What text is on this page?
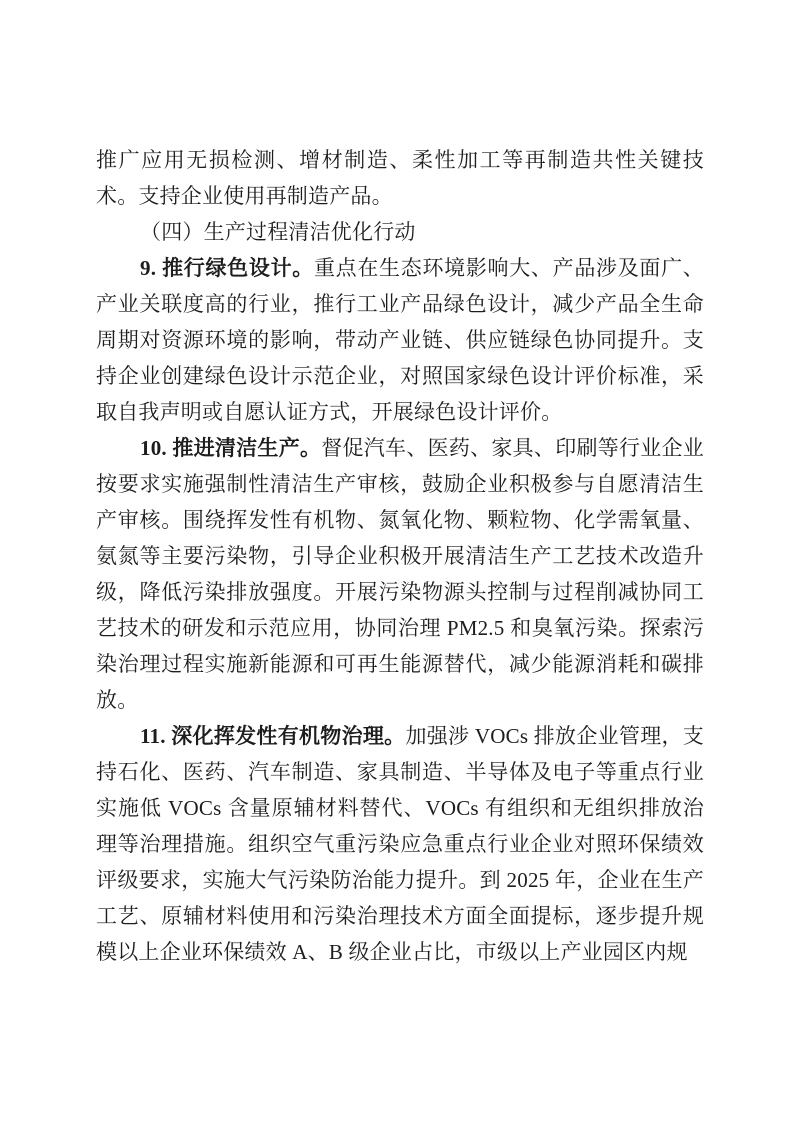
推广应用无损检测、增材制造、柔性加工等再制造共性关键技术。支持企业使用再制造产品。

（四）生产过程清洁优化行动

9. 推行绿色设计。重点在生态环境影响大、产品涉及面广、产业关联度高的行业，推行工业产品绿色设计，减少产品全生命周期对资源环境的影响，带动产业链、供应链绿色协同提升。支持企业创建绿色设计示范企业，对照国家绿色设计评价标准，采取自我声明或自愿认证方式，开展绿色设计评价。

10. 推进清洁生产。督促汽车、医药、家具、印刷等行业企业按要求实施强制性清洁生产审核，鼓励企业积极参与自愿清洁生产审核。围绕挥发性有机物、氮氧化物、颗粒物、化学需氧量、氨氮等主要污染物，引导企业积极开展清洁生产工艺技术改造升级，降低污染排放强度。开展污染物源头控制与过程削减协同工艺技术的研发和示范应用，协同治理 PM2.5 和臭氧污染。探索污染治理过程实施新能源和可再生能源替代，减少能源消耗和碳排放。

11. 深化挥发性有机物治理。加强涉 VOCs 排放企业管理，支持石化、医药、汽车制造、家具制造、半导体及电子等重点行业实施低 VOCs 含量原辅材料替代、VOCs 有组织和无组织排放治理等治理措施。组织空气重污染应急重点行业企业对照环保绩效评级要求，实施大气污染防治能力提升。到 2025 年，企业在生产工艺、原辅材料使用和污染治理技术方面全面提标，逐步提升规模以上企业环保绩效 A、B 级企业占比，市级以上产业园区内规
